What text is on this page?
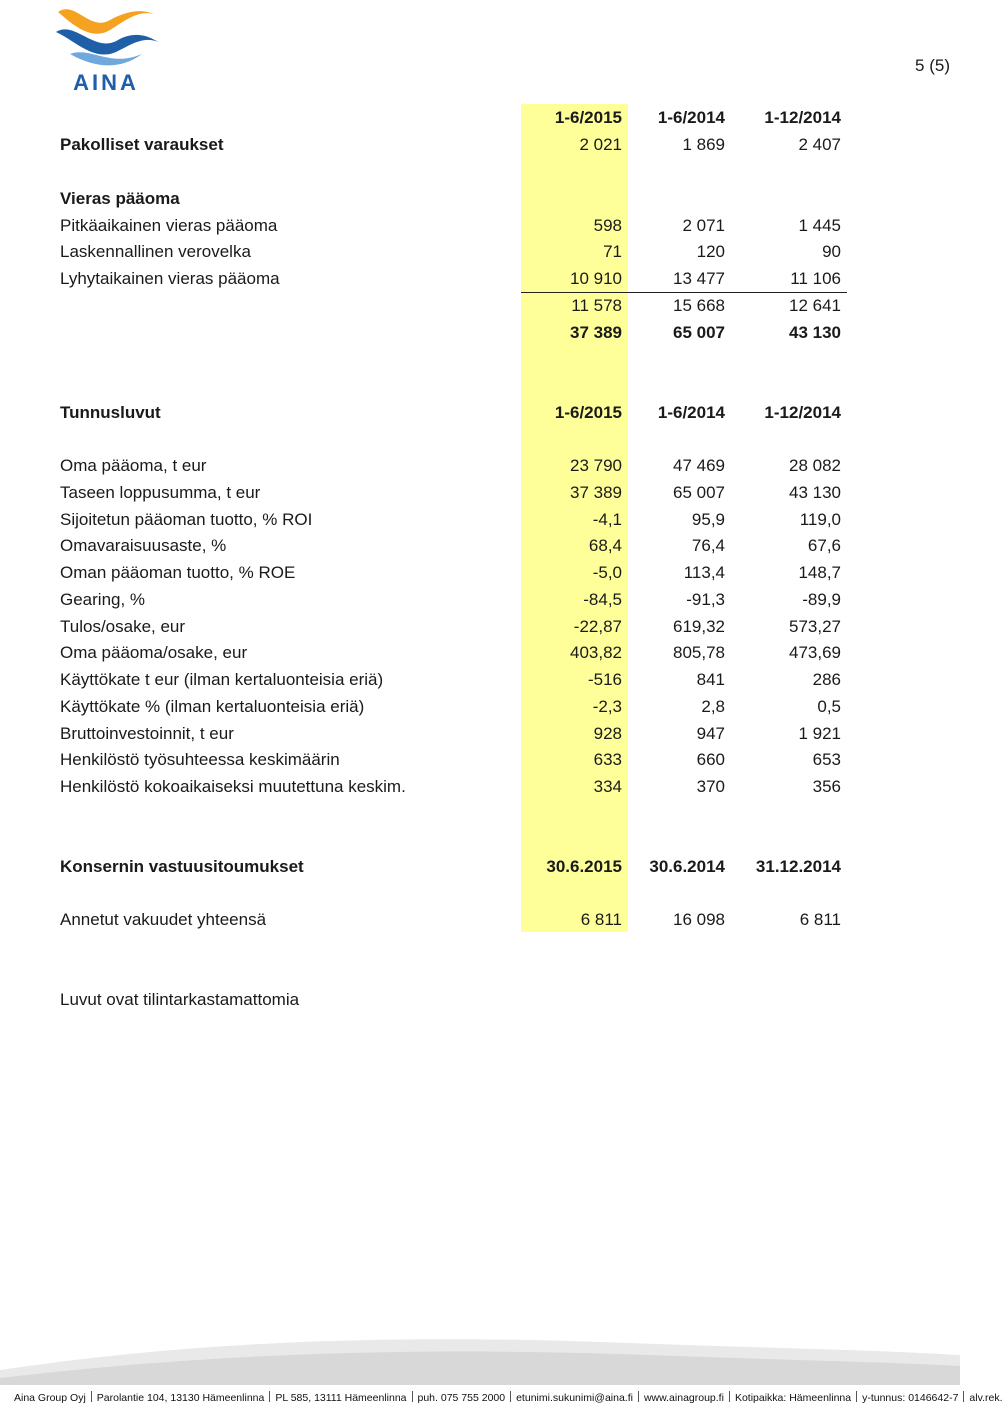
AINA
5 (5)
1-6/2015 1-6/2014 1-12/2014
Pakolliset varaukset	2 021	1 869	2 407
Vieras pääoma
Pitkäaikainen vieras pääoma	598	2 071	1 445
Laskennallinen verovelka	71	120	90
Lyhytaikainen vieras pääoma	10 910	13 477	11 106
11 578	15 668	12 641
37 389	65 007	43 130
Tunnusluvut	1-6/2015 1-6/2014 1-12/2014
Oma pääoma, t eur	23 790	47 469	28 082
Taseen loppusumma, t eur	37 389	65 007	43 130
Sijoitetun pääoman tuotto, % ROI	-4,1	95,9	119,0
Omavaraisuusaste, %	68,4	76,4	67,6
Oman pääoman tuotto, % ROE	-5,0	113,4	148,7
Gearing, %	-84,5	-91,3	-89,9
Tulos/osake, eur	-22,87	619,32	573,27
Oma pääoma/osake, eur	403,82	805,78	473,69
Käyttökate t eur (ilman kertaluonteisia eriä)	-516	841	286
Käyttökate % (ilman kertaluonteisia eriä)	-2,3	2,8	0,5
Bruttoinvestoinnit, t eur	928	947	1 921
Henkilöstö työsuhteessa keskimäärin	633	660	653
Henkilöstö kokoaikaiseksi muutettuna keskim.	334	370	356
Konsernin vastuusitoumukset	30.6.2015 30.6.2014 31.12.2014
Annetut vakuudet yhteensä	6 811	16 098	6 811
Luvut ovat tilintarkastamattomia
Aina Group Oyj Parolantie 104, 13130 Hämeenlinna PL 585, 13111 Hämeenlinna puh. 075 755 2000 etunimi.sukunimi@aina.fi www.ainagroup.fi Kotipaikka: Hämeenlinna y-tunnus: 0146642-7 alv.rek.
